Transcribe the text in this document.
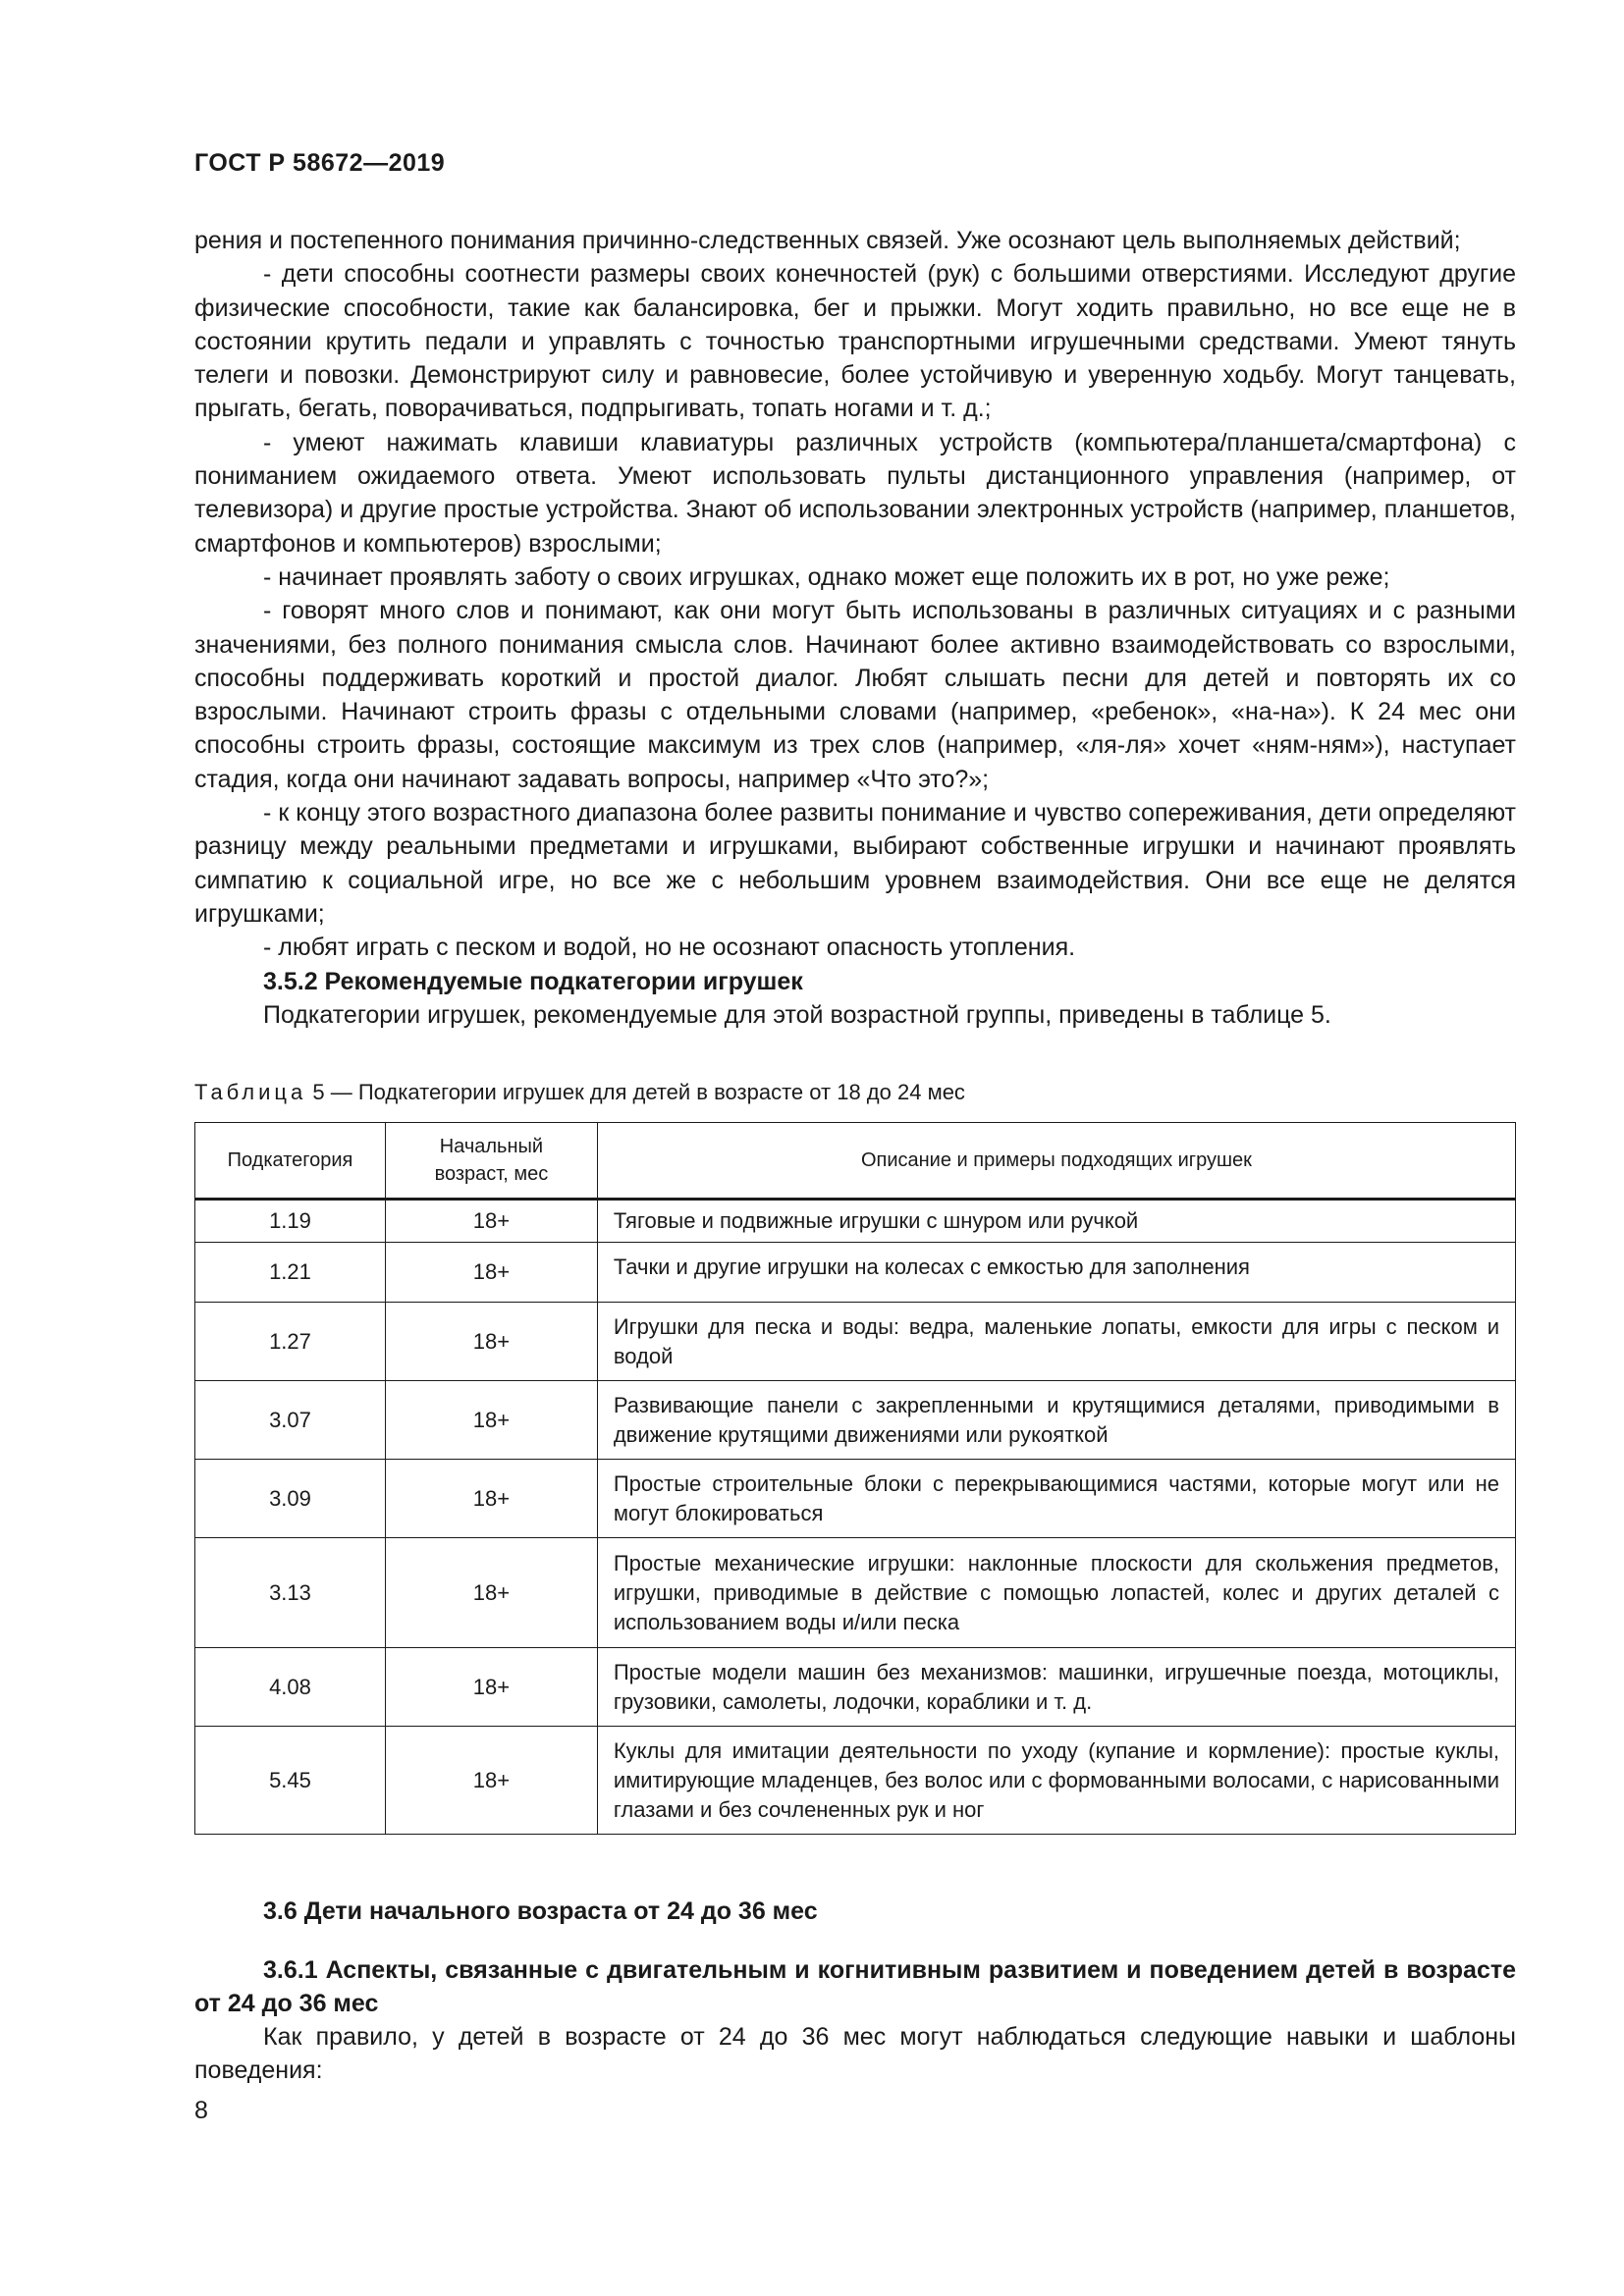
ГОСТ Р 58672—2019

рения и постепенного понимания причинно-следственных связей. Уже осознают цель выполняемых действий;

- дети способны соотнести размеры своих конечностей (рук) с большими отверстиями. Исследуют другие физические способности, такие как балансировка, бег и прыжки. Могут ходить правильно, но все еще не в состоянии крутить педали и управлять с точностью транспортными игрушечными средствами. Умеют тянуть телеги и повозки. Демонстрируют силу и равновесие, более устойчивую и уверенную ходьбу. Могут танцевать, прыгать, бегать, поворачиваться, подпрыгивать, топать ногами и т. д.;

- умеют нажимать клавиши клавиатуры различных устройств (компьютера/планшета/смартфона) с пониманием ожидаемого ответа. Умеют использовать пульты дистанционного управления (например, от телевизора) и другие простые устройства. Знают об использовании электронных устройств (например, планшетов, смартфонов и компьютеров) взрослыми;

- начинает проявлять заботу о своих игрушках, однако может еще положить их в рот, но уже реже;

- говорят много слов и понимают, как они могут быть использованы в различных ситуациях и с разными значениями, без полного понимания смысла слов. Начинают более активно взаимодействовать со взрослыми, способны поддерживать короткий и простой диалог. Любят слышать песни для детей и повторять их со взрослыми. Начинают строить фразы с отдельными словами (например, «ребенок», «на-на»). К 24 мес они способны строить фразы, состоящие максимум из трех слов (например, «ля-ля» хочет «ням-ням»), наступает стадия, когда они начинают задавать вопросы, например «Что это?»;

- к концу этого возрастного диапазона более развиты понимание и чувство сопереживания, дети определяют разницу между реальными предметами и игрушками, выбирают собственные игрушки и начинают проявлять симпатию к социальной игре, но все же с небольшим уровнем взаимодействия. Они все еще не делятся игрушками;

- любят играть с песком и водой, но не осознают опасность утопления.

3.5.2 Рекомендуемые подкатегории игрушек

Подкатегории игрушек, рекомендуемые для этой возрастной группы, приведены в таблице 5.

Таблица 5 — Подкатегории игрушек для детей в возрасте от 18 до 24 мес
Подкатегория	Начальный возраст, мес	Описание и примеры подходящих игрушек
1.19	18+	Тяговые и подвижные игрушки с шнуром или ручкой
1.21	18+	Тачки и другие игрушки на колесах с емкостью для заполнения
1.27	18+	Игрушки для песка и воды: ведра, маленькие лопаты, емкости для игры с песком и водой
3.07	18+	Развивающие панели с закрепленными и крутящимися деталями, приводимыми в движение крутящими движениями или рукояткой
3.09	18+	Простые строительные блоки с перекрывающимися частями, которые могут или не могут блокироваться
3.13	18+	Простые механические игрушки: наклонные плоскости для скольжения предметов, игрушки, приводимые в действие с помощью лопастей, колес и других деталей с использованием воды и/или песка
4.08	18+	Простые модели машин без механизмов: машинки, игрушечные поезда, мотоциклы, грузовики, самолеты, лодочки, кораблики и т. д.
5.45	18+	Куклы для имитации деятельности по уходу (купание и кормление): простые куклы, имитирующие младенцев, без волос или с формованными волосами, с нарисованными глазами и без сочлененных рук и ног
3.6 Дети начального возраста от 24 до 36 мес
3.6.1 Аспекты, связанные с двигательным и когнитивным развитием и поведением детей в возрасте от 24 до 36 мес
Как правило, у детей в возрасте от 24 до 36 мес могут наблюдаться следующие навыки и шаблоны поведения:
8
